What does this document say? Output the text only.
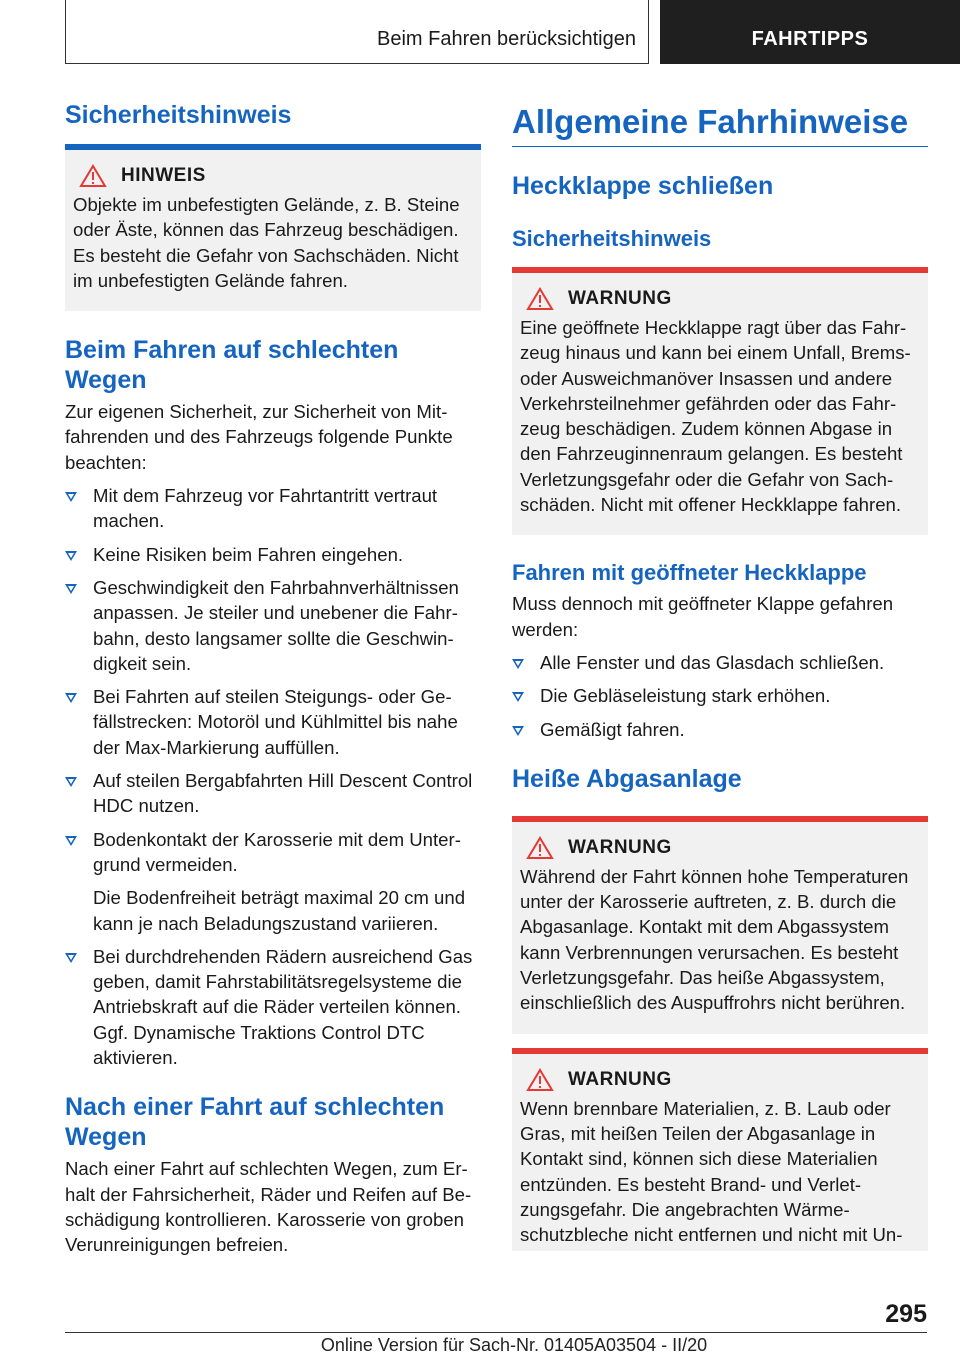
Beim Fahren berücksichtigen	FAHRTIPPS
Sicherheitshinweis
HINWEIS
Objekte im unbefestigten Gelände, z. B. Steine oder Äste, können das Fahrzeug beschädigen. Es besteht die Gefahr von Sachschäden. Nicht im unbefestigten Gelände fahren.
Beim Fahren auf schlechten Wegen
Zur eigenen Sicherheit, zur Sicherheit von Mitfahrenden und des Fahrzeugs folgende Punkte beachten:
Mit dem Fahrzeug vor Fahrtantritt vertraut machen.
Keine Risiken beim Fahren eingehen.
Geschwindigkeit den Fahrbahnverhältnissen anpassen. Je steiler und unebener die Fahrbahn, desto langsamer sollte die Geschwindigkeit sein.
Bei Fahrten auf steilen Steigungs- oder Gefällstrecken: Motoröl und Kühlmittel bis nahe der Max-Markierung auffüllen.
Auf steilen Bergabfahrten Hill Descent Control HDC nutzen.
Bodenkontakt der Karosserie mit dem Untergrund vermeiden.
Die Bodenfreiheit beträgt maximal 20 cm und kann je nach Beladungszustand variieren.
Bei durchdrehenden Rädern ausreichend Gas geben, damit Fahrstabilitätsregelsysteme die Antriebskraft auf die Räder verteilen können. Ggf. Dynamische Traktions Control DTC aktivieren.
Nach einer Fahrt auf schlechten Wegen
Nach einer Fahrt auf schlechten Wegen, zum Erhalt der Fahrsicherheit, Räder und Reifen auf Beschädigung kontrollieren. Karosserie von groben Verunreinigungen befreien.
Allgemeine Fahrhinweise
Heckklappe schließen
Sicherheitshinweis
WARNUNG
Eine geöffnete Heckklappe ragt über das Fahrzeug hinaus und kann bei einem Unfall, Brems- oder Ausweichmanöver Insassen und andere Verkehrsteilnehmer gefährden oder das Fahrzeug beschädigen. Zudem können Abgase in den Fahrzeuginnenraum gelangen. Es besteht Verletzungsgefahr oder die Gefahr von Sachschäden. Nicht mit offener Heckklappe fahren.
Fahren mit geöffneter Heckklappe
Muss dennoch mit geöffneter Klappe gefahren werden:
Alle Fenster und das Glasdach schließen.
Die Gebläseleistung stark erhöhen.
Gemäßigt fahren.
Heiße Abgasanlage
WARNUNG
Während der Fahrt können hohe Temperaturen unter der Karosserie auftreten, z. B. durch die Abgasanlage. Kontakt mit dem Abgassystem kann Verbrennungen verursachen. Es besteht Verletzungsgefahr. Das heiße Abgassystem, einschließlich des Auspuffrohrs nicht berühren.
WARNUNG
Wenn brennbare Materialien, z. B. Laub oder Gras, mit heißen Teilen der Abgasanlage in Kontakt sind, können sich diese Materialien entzünden. Es besteht Brand- und Verletzungsgefahr. Die angebrachten Wärmeschutzbleche nicht entfernen und nicht mit Un-
295
Online Version für Sach-Nr. 01405A03504 - II/20
